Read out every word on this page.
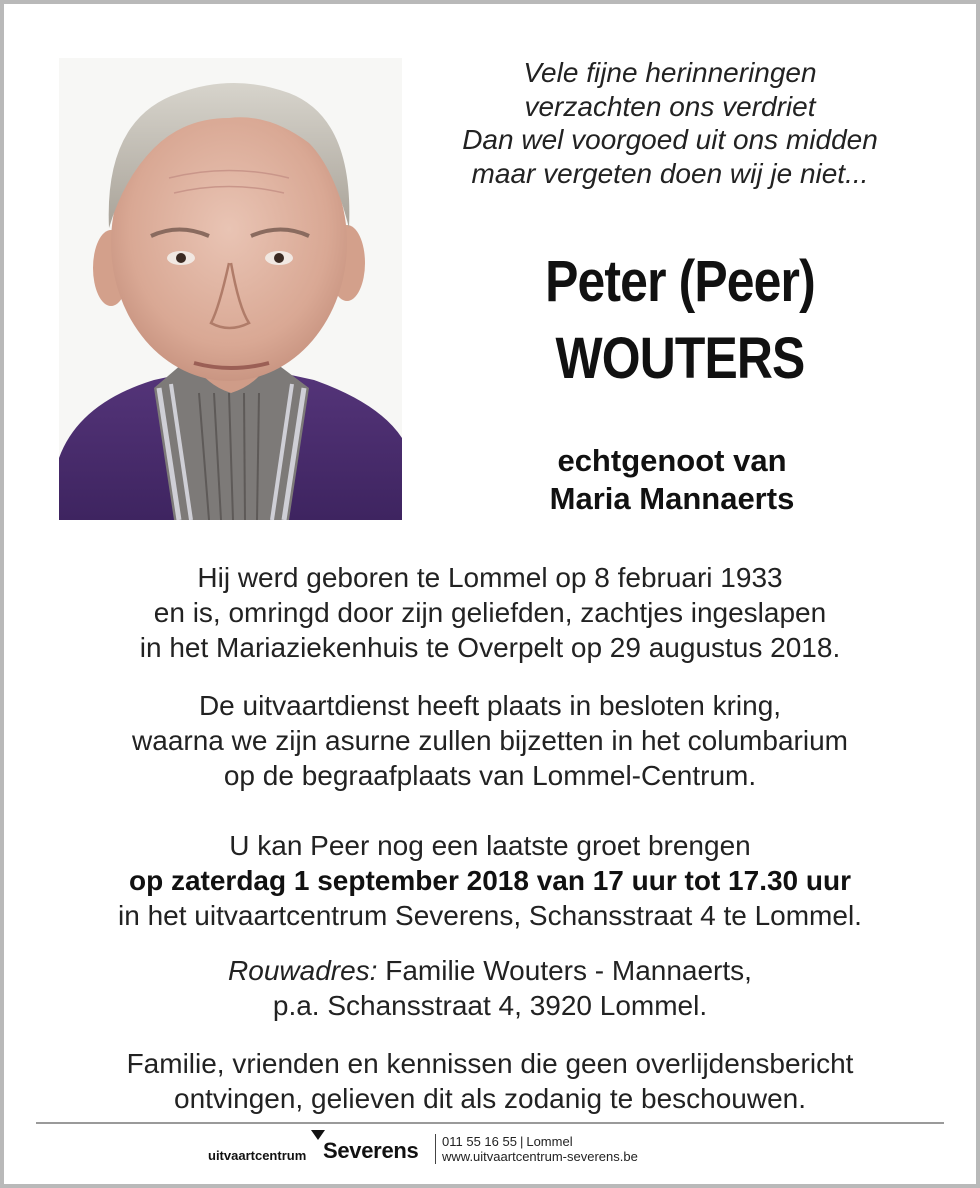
Vele fijne herinneringen
verzachten ons verdriet
Dan wel voorgoed uit ons midden
maar vergeten doen wij je niet...
Peter (Peer)
WOUTERS
echtgenoot van
Maria Mannaerts
Hij werd geboren te Lommel op 8 februari 1933
en is, omringd door zijn geliefden, zachtjes ingeslapen
in het Mariaziekenhuis te Overpelt op 29 augustus 2018.
De uitvaartdienst heeft plaats in besloten kring,
waarna we zijn asurne zullen bijzetten in het columbarium
op de begraafplaats van Lommel-Centrum.
U kan Peer nog een laatste groet brengen
op zaterdag 1 september 2018 van 17 uur tot 17.30 uur
in het uitvaartcentrum Severens, Schansstraat 4 te Lommel.
Rouwadres: Familie Wouters - Mannaerts,
p.a. Schansstraat 4, 3920 Lommel.
Familie, vrienden en kennissen die geen overlijdensbericht
ontvingen, gelieven dit als zodanig te beschouwen.
uitvaartcentrum Severens 011 55 16 55 | Lommel
www.uitvaartcentrum-severens.be
